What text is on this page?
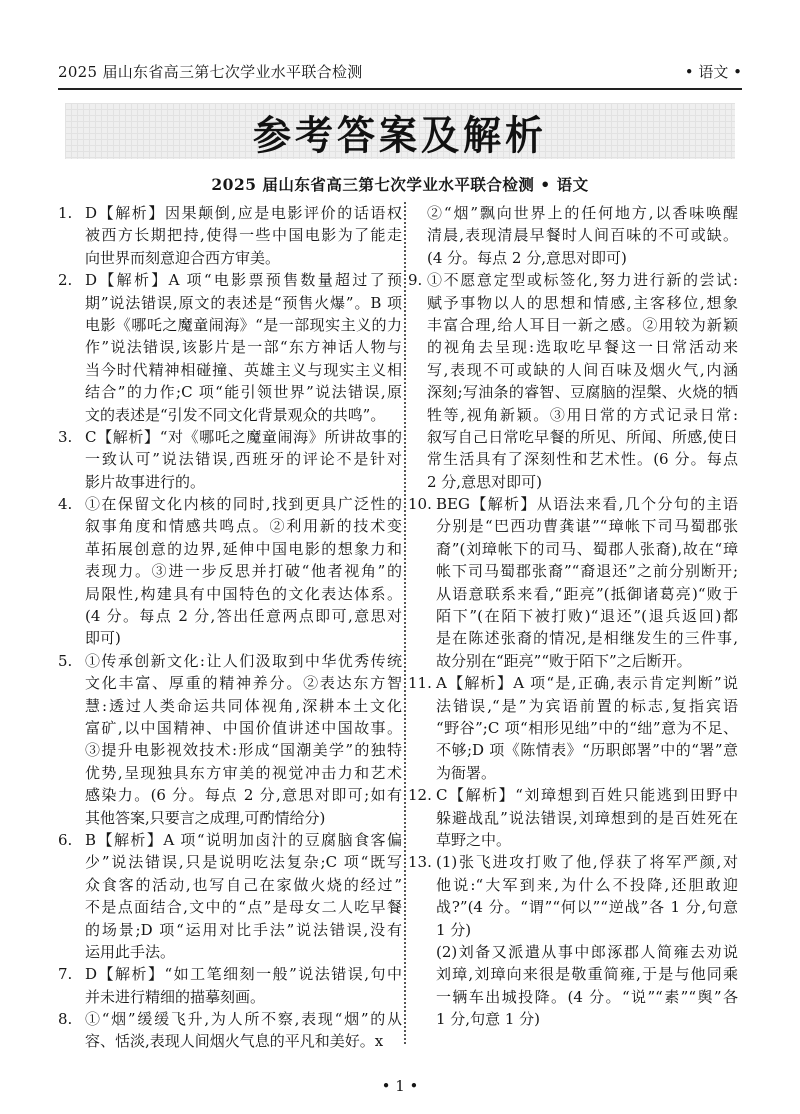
2025 届山东省高三第七次学业水平联合检测	• 语文 •
参考答案及解析
2025 届山东省高三第七次学业水平联合检测 • 语文
1. D【解析】因果颠倒,应是电影评价的话语权
被西方长期把持,使得一些中国电影为了能走
向世界而刻意迎合西方审美。
2. D【解析】A 项“电影票预售数量超过了预
期”说法错误,原文的表述是“预售火爆”。B 项
电影《哪吒之魔童闹海》“是一部现实主义的力
作”说法错误,该影片是一部“东方神话人物与
当今时代精神相碰撞、英雄主义与现实主义相
结合”的力作;C 项“能引领世界”说法错误,原
文的表述是“引发不同文化背景观众的共鸣”。
3. C【解析】“对《哪吒之魔童闹海》所讲故事的
一致认可”说法错误,西班牙的评论不是针对
影片故事进行的。
4. ①在保留文化内核的同时,找到更具广泛性的
叙事角度和情感共鸣点。②利用新的技术变
革拓展创意的边界,延伸中国电影的想象力和
表现力。③进一步反思并打破“他者视角”的
局限性,构建具有中国特色的文化表达体系。
(4 分。每点 2 分,答出任意两点即可,意思对
即可)
5. ①传承创新文化:让人们汲取到中华优秀传统
文化丰富、厚重的精神养分。②表达东方智
慧:透过人类命运共同体视角,深耕本土文化
富矿,以中国精神、中国价值讲述中国故事。
③提升电影视效技术:形成“国潮美学”的独特
优势,呈现独具东方审美的视觉冲击力和艺术
感染力。(6 分。每点 2 分,意思对即可;如有
其他答案,只要言之成理,可酌情给分)
6. B【解析】A 项“说明加卤汁的豆腐脑食客偏
少”说法错误,只是说明吃法复杂;C 项“既写
众食客的活动,也写自己在家做火烧的经过”
不是点面结合,文中的“点”是母女二人吃早餐
的场景;D 项“运用对比手法”说法错误,没有
运用此手法。
7. D【解析】“如工笔细刻一般”说法错误,句中
并未进行精细的描摹刻画。
8. ①“烟”缓缓飞升,为人所不察,表现“烟”的从
容、恬淡,表现人间烟火气息的平凡和美好。x
②“烟”飘向世界上的任何地方,以香味唤醒
清晨,表现清晨早餐时人间百味的不可或缺。
(4 分。每点 2 分,意思对即可)
9. ①不愿意定型或标签化,努力进行新的尝试:
赋予事物以人的思想和情感,主客移位,想象
丰富合理,给人耳目一新之感。②用较为新颖
的视角去呈现:选取吃早餐这一日常活动来
写,表现不可或缺的人间百味及烟火气,内涵
深刻;写油条的睿智、豆腐脑的涅槃、火烧的牺
牲等,视角新颖。③用日常的方式记录日常:
叙写自己日常吃早餐的所见、所闻、所感,使日
常生活具有了深刻性和艺术性。(6 分。每点
2 分,意思对即可)
10. BEG【解析】从语法来看,几个分句的主语
分别是“巴西功曹龚谌”“璋帐下司马蜀郡张
裔”(刘璋帐下的司马、蜀郡人张裔),故在“璋
帐下司马蜀郡张裔”“裔退还”之前分别断开;
从语意联系来看,“距亮”(抵御诸葛亮)“败于
陌下”(在陌下被打败)“退还”(退兵返回)都
是在陈述张裔的情况,是相继发生的三件事,
故分别在“距亮”“败于陌下”之后断开。
11. A【解析】A 项“是,正确,表示肯定判断”说
法错误,“是”为宾语前置的标志,复指宾语
“野谷”;C 项“相形见绌”中的“绌”意为不足、
不够;D 项《陈情表》“历职郎署”中的“署”意
为衙署。
12. C【解析】“刘璋想到百姓只能逃到田野中
躲避战乱”说法错误,刘璋想到的是百姓死在
草野之中。
13. (1)张飞进攻打败了他,俘获了将军严颜,对
他说:“大军到来,为什么不投降,还胆敢迎
战?”(4 分。“谓”“何以”“逆战”各 1 分,句意
1 分)
(2)刘备又派遣从事中郎涿郡人简雍去劝说
刘璋,刘璋向来很是敬重简雍,于是与他同乘
一辆车出城投降。(4 分。“说”“素”“舆”各
1 分,句意 1 分)
• 1 •
